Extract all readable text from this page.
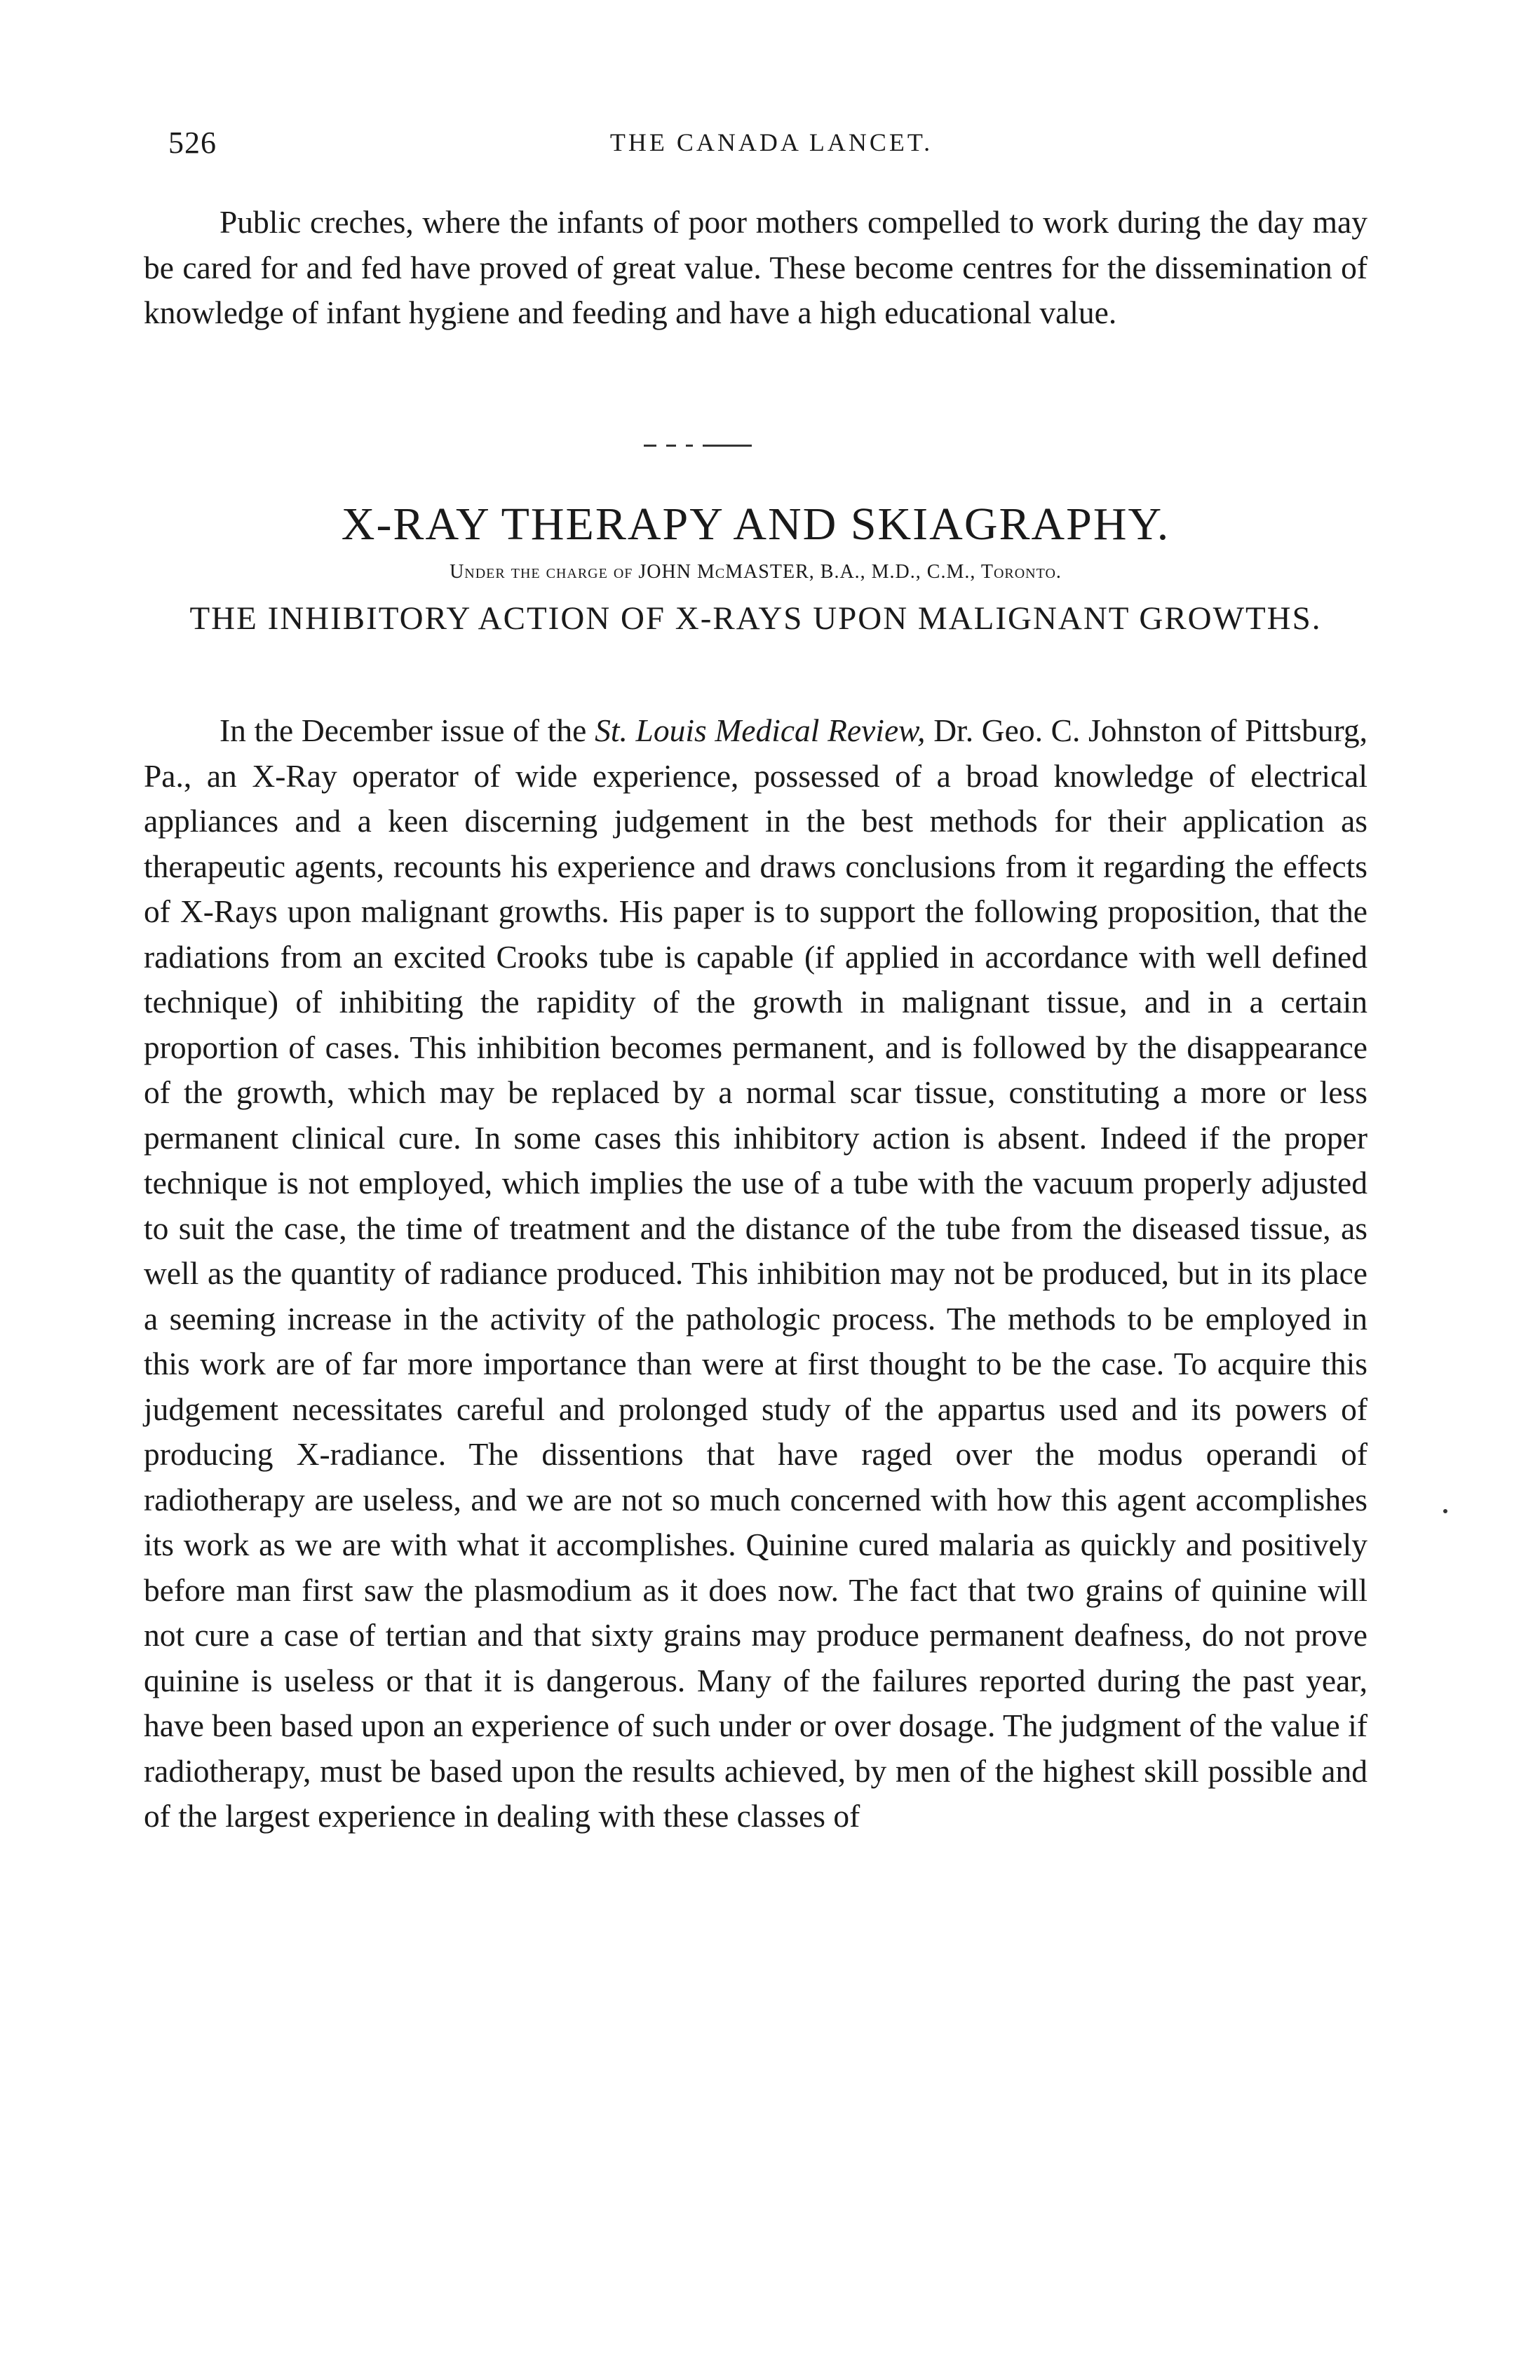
526	THE CANADA LANCET.

Public creches, where the infants of poor mothers compelled to work during the day may be cared for and fed have proved of great value. These become centres for the dissemination of knowledge of infant hygiene and feeding and have a high educational value.

X-RAY THERAPY AND SKIAGRAPHY.
Under the charge of JOHN McMASTER, B.A., M.D., C.M., Toronto.
THE INHIBITORY ACTION OF X-RAYS UPON MALIGNANT GROWTHS.

In the December issue of the St. Louis Medical Review, Dr. Geo. C. Johnston of Pittsburg, Pa., an X-Ray operator of wide experience, possessed of a broad knowledge of electrical appliances and a keen discerning judgement in the best methods for their application as therapeutic agents, recounts his experience and draws conclusions from it regarding the effects of X-Rays upon malignant growths. His paper is to support the following proposition, that the radiations from an excited Crooks tube is capable (if applied in accordance with well defined technique) of inhibiting the rapidity of the growth in malignant tissue, and in a certain proportion of cases. This inhibition becomes permanent, and is followed by the disappearance of the growth, which may be replaced by a normal scar tissue, constituting a more or less permanent clinical cure. In some cases this inhibitory action is absent. Indeed if the proper technique is not employed, which implies the use of a tube with the vacuum properly adjusted to suit the case, the time of treatment and the distance of the tube from the diseased tissue, as well as the quantity of radiance produced. This inhibition may not be produced, but in its place a seeming increase in the activity of the pathologic process. The methods to be employed in this work are of far more importance than were at first thought to be the case. To acquire this judgement necessitates careful and prolonged study of the appartus used and its powers of producing X-radiance. The dissentions that have raged over the modus operandi of radiotherapy are useless, and we are not so much concerned with how this agent accomplishes its work as we are with what it accomplishes. Quinine cured malaria as quickly and positively before man first saw the plasmodium as it does now. The fact that two grains of quinine will not cure a case of tertian and that sixty grains may produce permanent deafness, do not prove quinine is useless or that it is dangerous. Many of the failures reported during the past year, have been based upon an experience of such under or over dosage. The judgment of the value if radiotherapy, must be based upon the results achieved, by men of the highest skill possible and of the largest experience in dealing with these classes of
